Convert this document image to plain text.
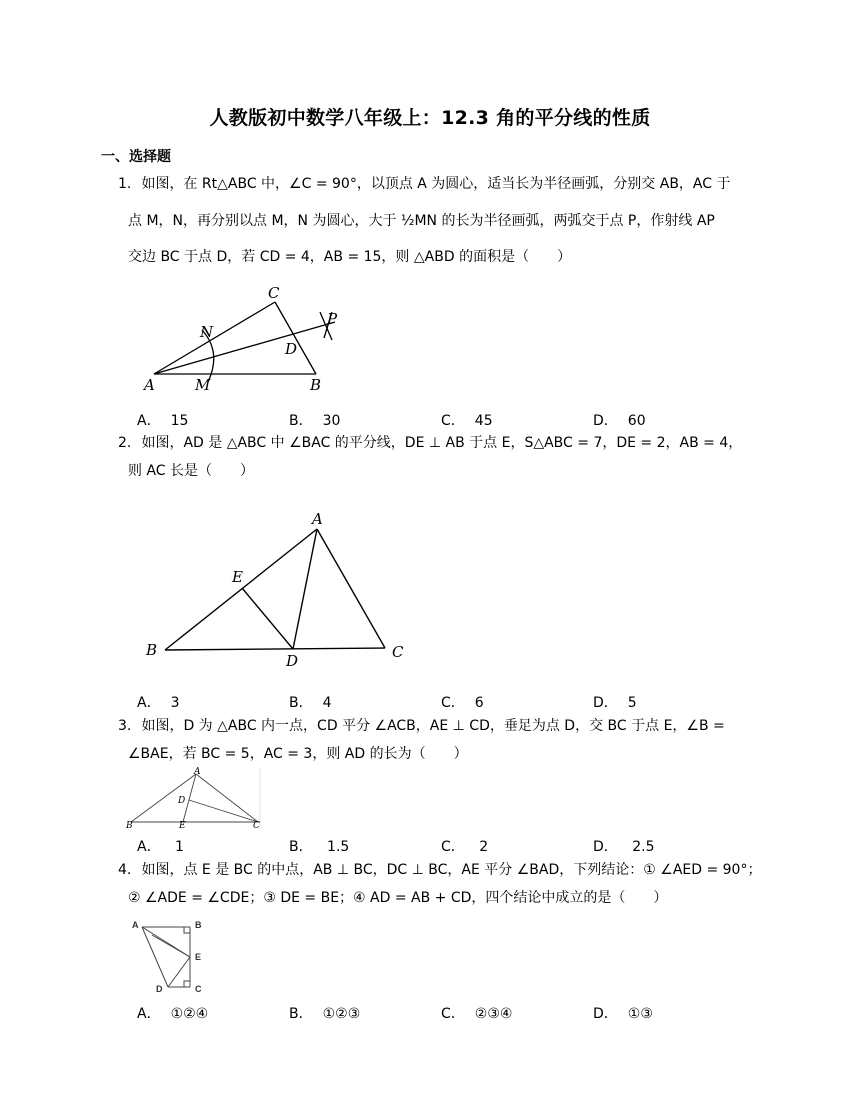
人教版初中数学八年级上：12.3 角的平分线的性质
一、选择题
1. 如图，在 Rt△ABC 中，∠C = 90°，以顶点 A 为圆心，适当长为半径画弧，分别交 AB，AC 于
点 M，N，再分别以点 M，N 为圆心，大于 ½MN 的长为半径画弧，两弧交于点 P，作射线 AP
交边 BC 于点 D，若 CD = 4，AB = 15，则 △ABD 的面积是（　　）
A	B
C
D
M
N
P
A． 15	B． 30	C． 45	D． 60
2. 如图，AD 是 △ABC 中 ∠BAC 的平分线，DE ⊥ AB 于点 E，S△ABC = 7，DE = 2，AB = 4，
则 AC 长是（　　）
A
B	C
D
E
A． 3	B． 4	C． 6	D． 5
3. 如图，D 为 △ABC 内一点，CD 平分 ∠ACB，AE ⊥ CD，垂足为点 D，交 BC 于点 E，∠B =
∠BAE，若 BC = 5，AC = 3，则 AD 的长为（　　）
A
B	C
D
E
A． 1	B． 1.5	C． 2	D． 2.5
4. 如图，点 E 是 BC 的中点，AB ⊥ BC，DC ⊥ BC，AE 平分 ∠BAD，下列结论：① ∠AED = 90°；
② ∠ADE = ∠CDE；③ DE = BE；④ AD = AB + CD，四个结论中成立的是（　　）
A	B
C
D
E
A． ①②④	B． ①②③	C． ②③④	D． ①③
